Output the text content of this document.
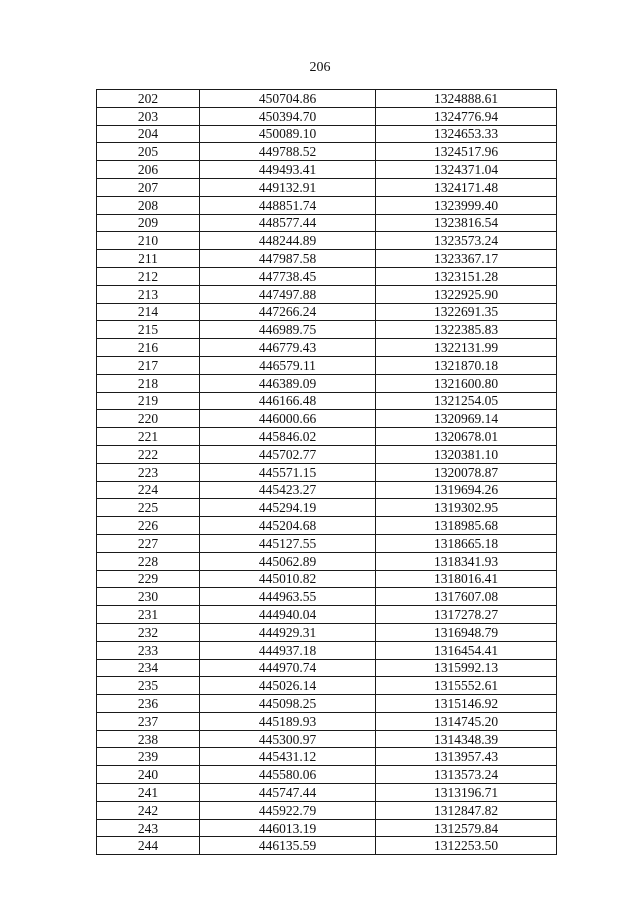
206
202	450704.86	1324888.61
203	450394.70	1324776.94
204	450089.10	1324653.33
205	449788.52	1324517.96
206	449493.41	1324371.04
207	449132.91	1324171.48
208	448851.74	1323999.40
209	448577.44	1323816.54
210	448244.89	1323573.24
211	447987.58	1323367.17
212	447738.45	1323151.28
213	447497.88	1322925.90
214	447266.24	1322691.35
215	446989.75	1322385.83
216	446779.43	1322131.99
217	446579.11	1321870.18
218	446389.09	1321600.80
219	446166.48	1321254.05
220	446000.66	1320969.14
221	445846.02	1320678.01
222	445702.77	1320381.10
223	445571.15	1320078.87
224	445423.27	1319694.26
225	445294.19	1319302.95
226	445204.68	1318985.68
227	445127.55	1318665.18
228	445062.89	1318341.93
229	445010.82	1318016.41
230	444963.55	1317607.08
231	444940.04	1317278.27
232	444929.31	1316948.79
233	444937.18	1316454.41
234	444970.74	1315992.13
235	445026.14	1315552.61
236	445098.25	1315146.92
237	445189.93	1314745.20
238	445300.97	1314348.39
239	445431.12	1313957.43
240	445580.06	1313573.24
241	445747.44	1313196.71
242	445922.79	1312847.82
243	446013.19	1312579.84
244	446135.59	1312253.50
